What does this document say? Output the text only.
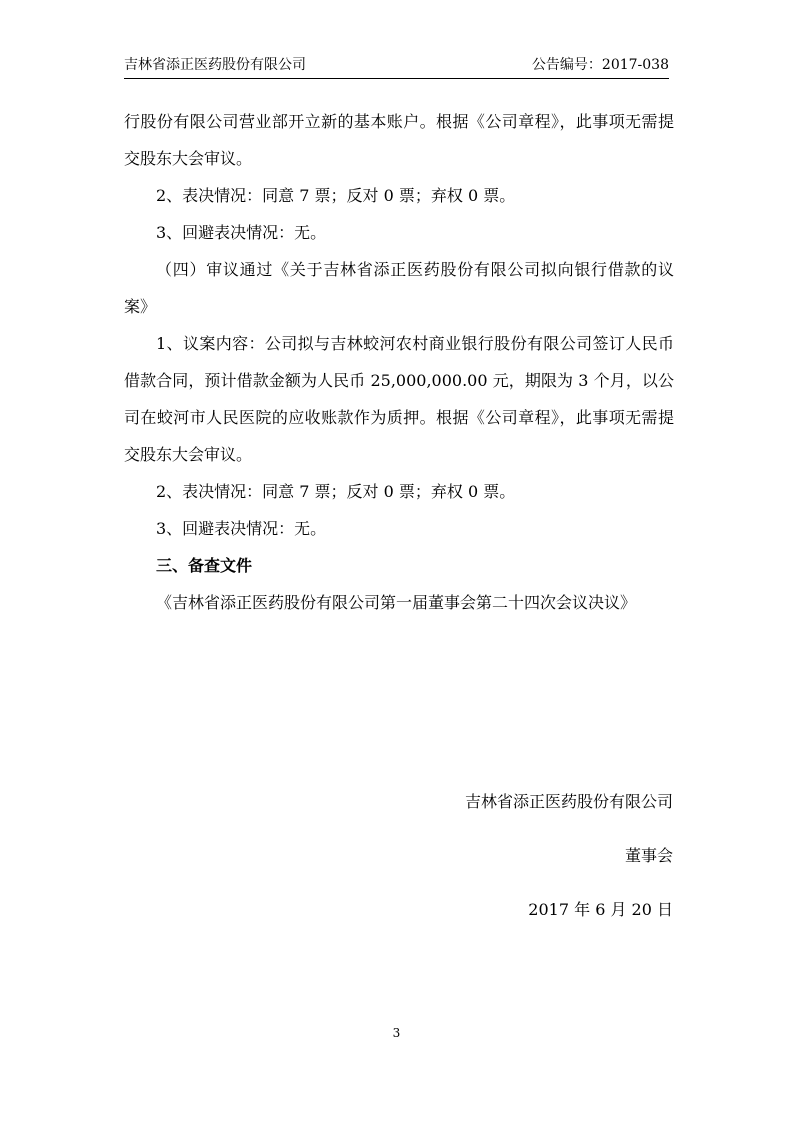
吉林省添正医药股份有限公司	公告编号：2017-038

行股份有限公司营业部开立新的基本账户。根据《公司章程》，此事项无需提交股东大会审议。

2、表决情况：同意 7 票；反对 0 票；弃权 0 票。

3、回避表决情况：无。

（四）审议通过《关于吉林省添正医药股份有限公司拟向银行借款的议案》

1、议案内容：公司拟与吉林蛟河农村商业银行股份有限公司签订人民币借款合同，预计借款金额为人民币 25,000,000.00 元，期限为 3 个月，以公司在蛟河市人民医院的应收账款作为质押。根据《公司章程》，此事项无需提交股东大会审议。

2、表决情况：同意 7 票；反对 0 票；弃权 0 票。

3、回避表决情况：无。

三、备查文件

《吉林省添正医药股份有限公司第一届董事会第二十四次会议决议》

吉林省添正医药股份有限公司
董事会
2017 年 6 月 20 日
3
